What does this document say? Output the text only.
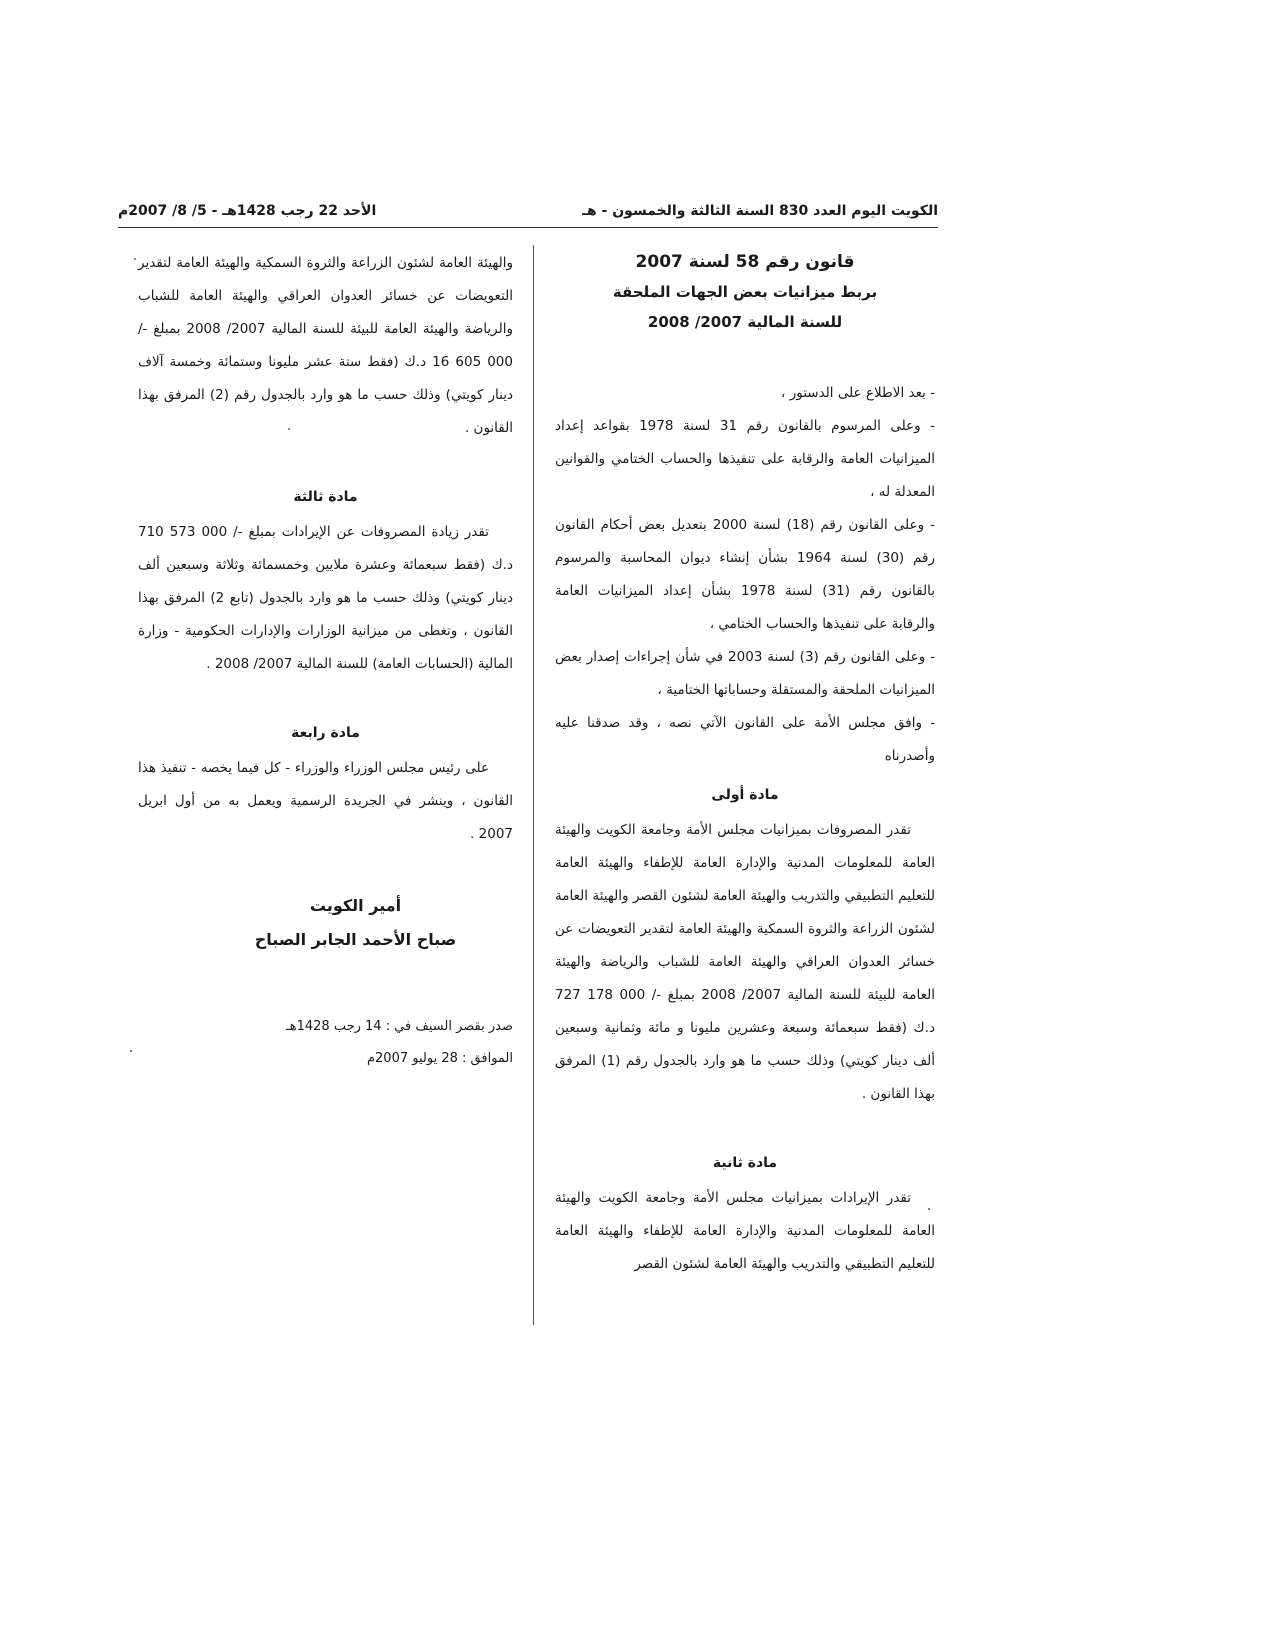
الكويت اليوم العدد 830 السنة الثالثة والخمسون - هـ
الأحد 22 رجب 1428هـ - 5/ 8/ 2007م
قانون رقم 58 لسنة 2007
بربط ميزانيات بعض الجهات الملحقة
للسنة المالية 2007/ 2008
- بعد الاطلاع على الدستور ،
- وعلى المرسوم بالقانون رقم 31 لسنة 1978 بقواعد إعداد الميزانيات العامة والرقابة على تنفيذها والحساب الختامي والقوانين المعدلة له ،
- وعلى القانون رقم (18) لسنة 2000 بتعديل بعض أحكام القانون رقم (30) لسنة 1964 بشأن إنشاء ديوان المحاسبة والمرسوم بالقانون رقم (31) لسنة 1978 بشأن إعداد الميزانيات العامة والرقابة على تنفيذها والحساب الختامي ،
- وعلى القانون رقم (3) لسنة 2003 في شأن إجراءات إصدار بعض الميزانيات الملحقة والمستقلة وحساباتها الختامية ،
- وافق مجلس الأمة على القانون الآتي نصه ، وقد صدقنا عليه وأصدرناه
مادة أولى

تقدر المصروفات بميزانيات مجلس الأمة وجامعة الكويت والهيئة العامة للمعلومات المدنية والإدارة العامة للإطفاء والهيئة العامة للتعليم التطبيقي والتدريب والهيئة العامة لشئون القصر والهيئة العامة لشئون الزراعة والثروة السمكية والهيئة العامة لتقدير التعويضات عن خسائر العدوان العراقي والهيئة العامة للشباب والرياضة والهيئة العامة للبيئة للسنة المالية 2007/ 2008 بمبلغ -/ 000 178 727 د.ك (فقط سبعمائة وسبعة وعشرين مليونا و مائة وثمانية وسبعين ألف دينار كويتي) وذلك حسب ما هو وارد بالجدول رقم (1) المرفق بهذا القانون .

مادة ثانية

تقدر الإيرادات بميزانيات مجلس الأمة وجامعة الكويت والهيئة العامة للمعلومات المدنية والإدارة العامة للإطفاء والهيئة العامة للتعليم التطبيقي والتدريب والهيئة العامة لشئون القصر

والهيئة العامة لشئون الزراعة والثروة السمكية والهيئة العامة لتقدير التعويضات عن خسائر العدوان العراقي والهيئة العامة للشباب والرياضة والهيئة العامة للبيئة للسنة المالية 2007/ 2008 بمبلغ -/ 000 605 16 د.ك (فقط ستة عشر مليونا وستمائة وخمسة آلاف دينار كويتي) وذلك حسب ما هو وارد بالجدول رقم (2) المرفق بهذا القانون .

مادة ثالثة

تقدر زيادة المصروفات عن الإيرادات بمبلغ -/ 000 573 710 د.ك (فقط سبعمائة وعشرة ملايين وخمسمائة وثلاثة وسبعين ألف دينار كويتي) وذلك حسب ما هو وارد بالجدول (تابع 2) المرفق بهذا القانون ، وتغطى من ميزانية الوزارات والإدارات الحكومية - وزارة المالية (الحسابات العامة) للسنة المالية 2007/ 2008 .

مادة رابعة

على رئيس مجلس الوزراء والوزراء - كل فيما يخصه - تنفيذ هذا القانون ، وينشر في الجريدة الرسمية ويعمل به من أول ابريل 2007 .

أمير الكويت
صباح الأحمد الجابر الصباح
صدر بقصر السيف في : 14 رجب 1428هـ
الموافق : 28 يوليو 2007م
